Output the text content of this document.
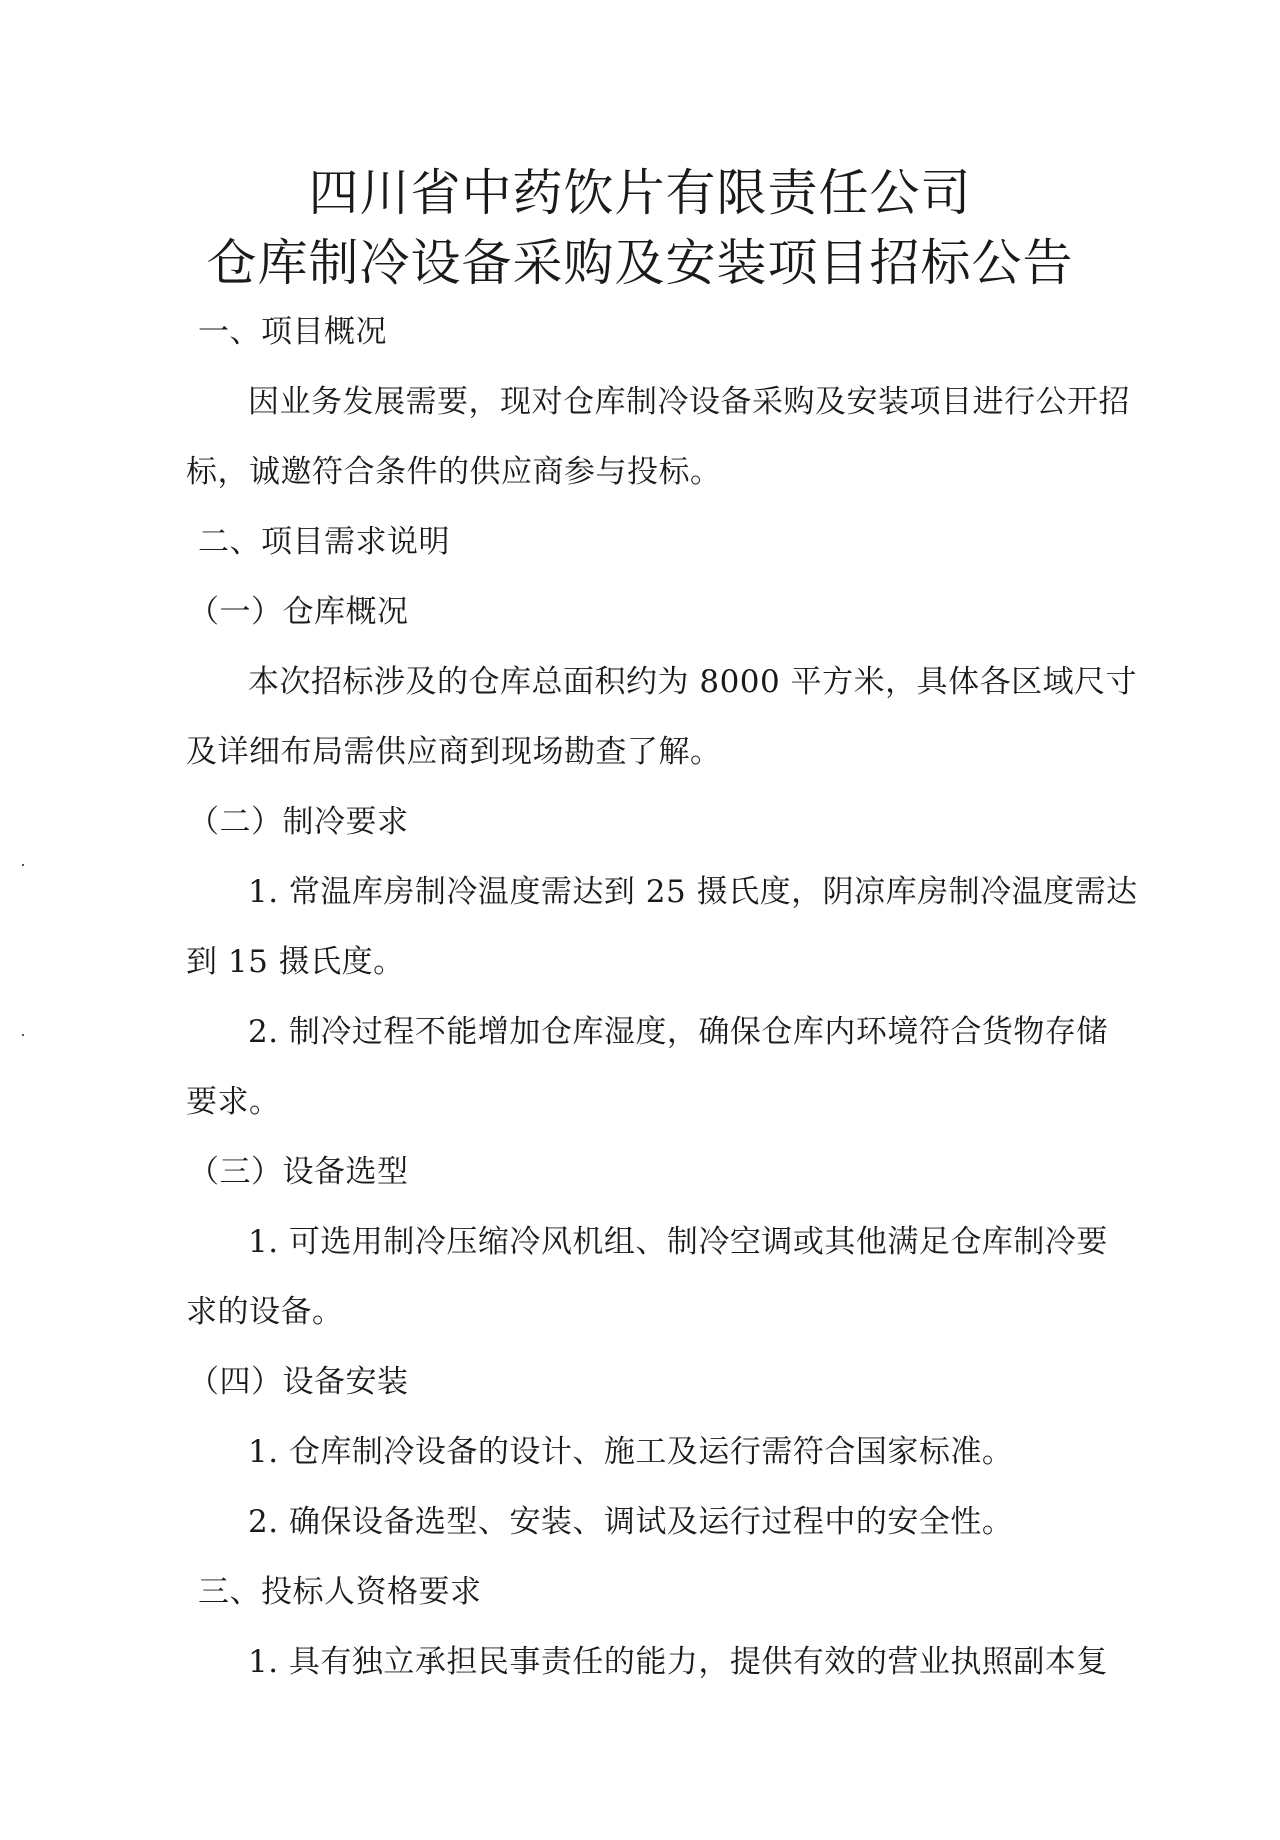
四川省中药饮片有限责任公司
仓库制冷设备采购及安装项目招标公告
一、项目概况
因业务发展需要，现对仓库制冷设备采购及安装项目进行公开招
标，诚邀符合条件的供应商参与投标。
二、项目需求说明
（一）仓库概况
本次招标涉及的仓库总面积约为 8000 平方米，具体各区域尺寸
及详细布局需供应商到现场勘查了解。
（二）制冷要求
1. 常温库房制冷温度需达到 25 摄氏度，阴凉库房制冷温度需达
到 15 摄氏度。
2. 制冷过程不能增加仓库湿度，确保仓库内环境符合货物存储
要求。
（三）设备选型
1. 可选用制冷压缩冷风机组、制冷空调或其他满足仓库制冷要
求的设备。
（四）设备安装
1. 仓库制冷设备的设计、施工及运行需符合国家标准。
2. 确保设备选型、安装、调试及运行过程中的安全性。
三、投标人资格要求
1. 具有独立承担民事责任的能力，提供有效的营业执照副本复
